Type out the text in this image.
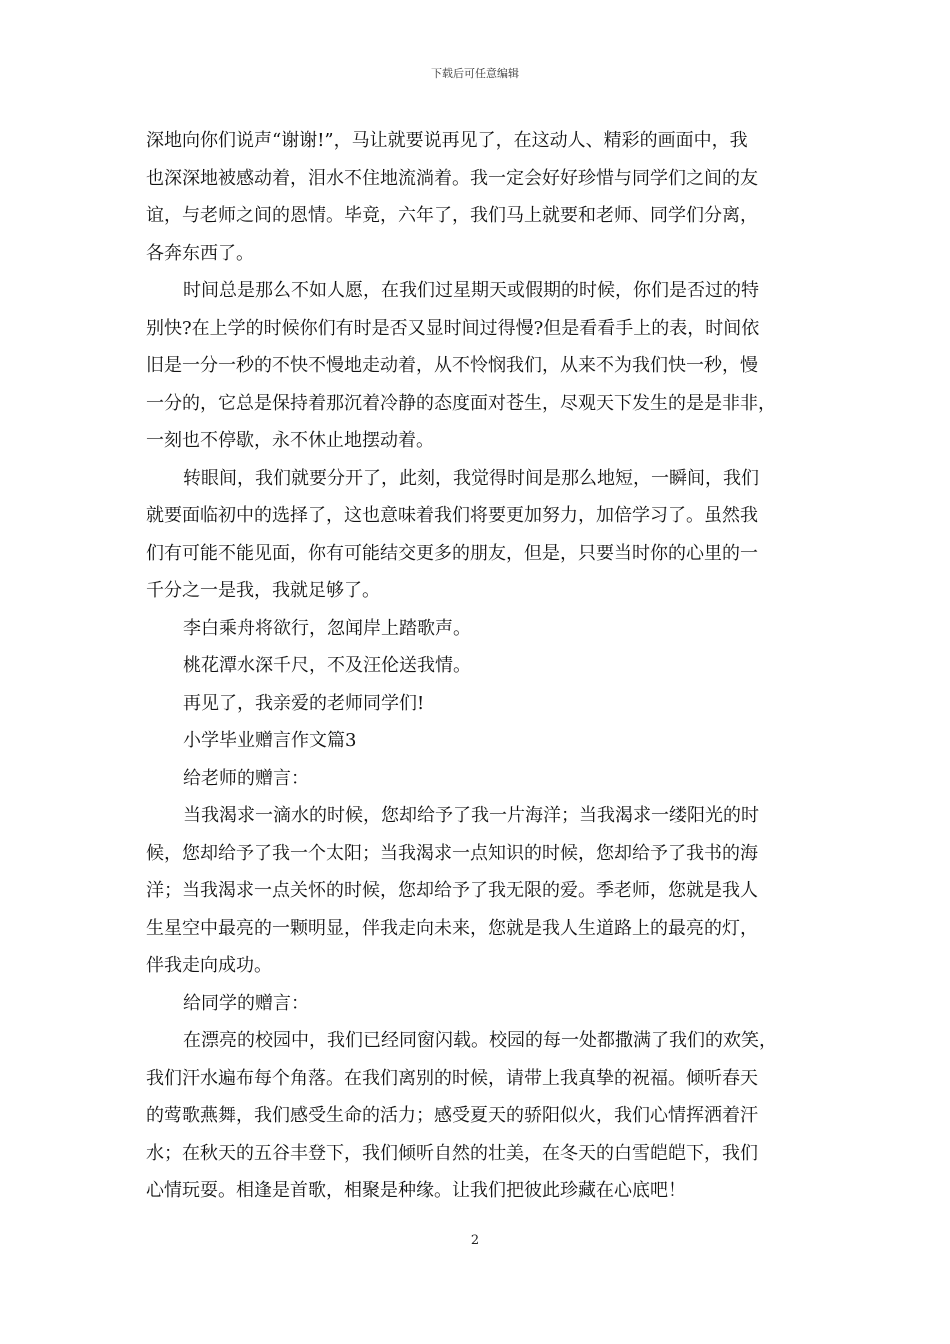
下载后可任意编辑
深地向你们说声“谢谢!”，马让就要说再见了，在这动人、精彩的画面中，我
也深深地被感动着，泪水不住地流淌着。我一定会好好珍惜与同学们之间的友
谊，与老师之间的恩情。毕竟，六年了，我们马上就要和老师、同学们分离，
各奔东西了。
时间总是那么不如人愿，在我们过星期天或假期的时候，你们是否过的特
别快?在上学的时候你们有时是否又显时间过得慢?但是看看手上的表，时间依
旧是一分一秒的不快不慢地走动着，从不怜悯我们，从来不为我们快一秒，慢
一分的，它总是保持着那沉着冷静的态度面对苍生，尽观天下发生的是是非非，
一刻也不停歇，永不休止地摆动着。
转眼间，我们就要分开了，此刻，我觉得时间是那么地短，一瞬间，我们
就要面临初中的选择了，这也意味着我们将要更加努力，加倍学习了。虽然我
们有可能不能见面，你有可能结交更多的朋友，但是，只要当时你的心里的一
千分之一是我，我就足够了。
李白乘舟将欲行，忽闻岸上踏歌声。
桃花潭水深千尺，不及汪伦送我情。
再见了，我亲爱的老师同学们!
小学毕业赠言作文篇3
给老师的赠言：
当我渴求一滴水的时候，您却给予了我一片海洋；当我渴求一缕阳光的时
候，您却给予了我一个太阳；当我渴求一点知识的时候，您却给予了我书的海
洋；当我渴求一点关怀的时候，您却给予了我无限的爱。季老师，您就是我人
生星空中最亮的一颗明显，伴我走向未来，您就是我人生道路上的最亮的灯，
伴我走向成功。
给同学的赠言：
在漂亮的校园中，我们已经同窗闪载。校园的每一处都撒满了我们的欢笑，
我们汗水遍布每个角落。在我们离别的时候，请带上我真挚的祝福。倾听春天
的莺歌燕舞，我们感受生命的活力；感受夏天的骄阳似火，我们心情挥洒着汗
水；在秋天的五谷丰登下，我们倾听自然的壮美，在冬天的白雪皑皑下，我们
心情玩耍。相逢是首歌，相聚是种缘。让我们把彼此珍藏在心底吧！
2
